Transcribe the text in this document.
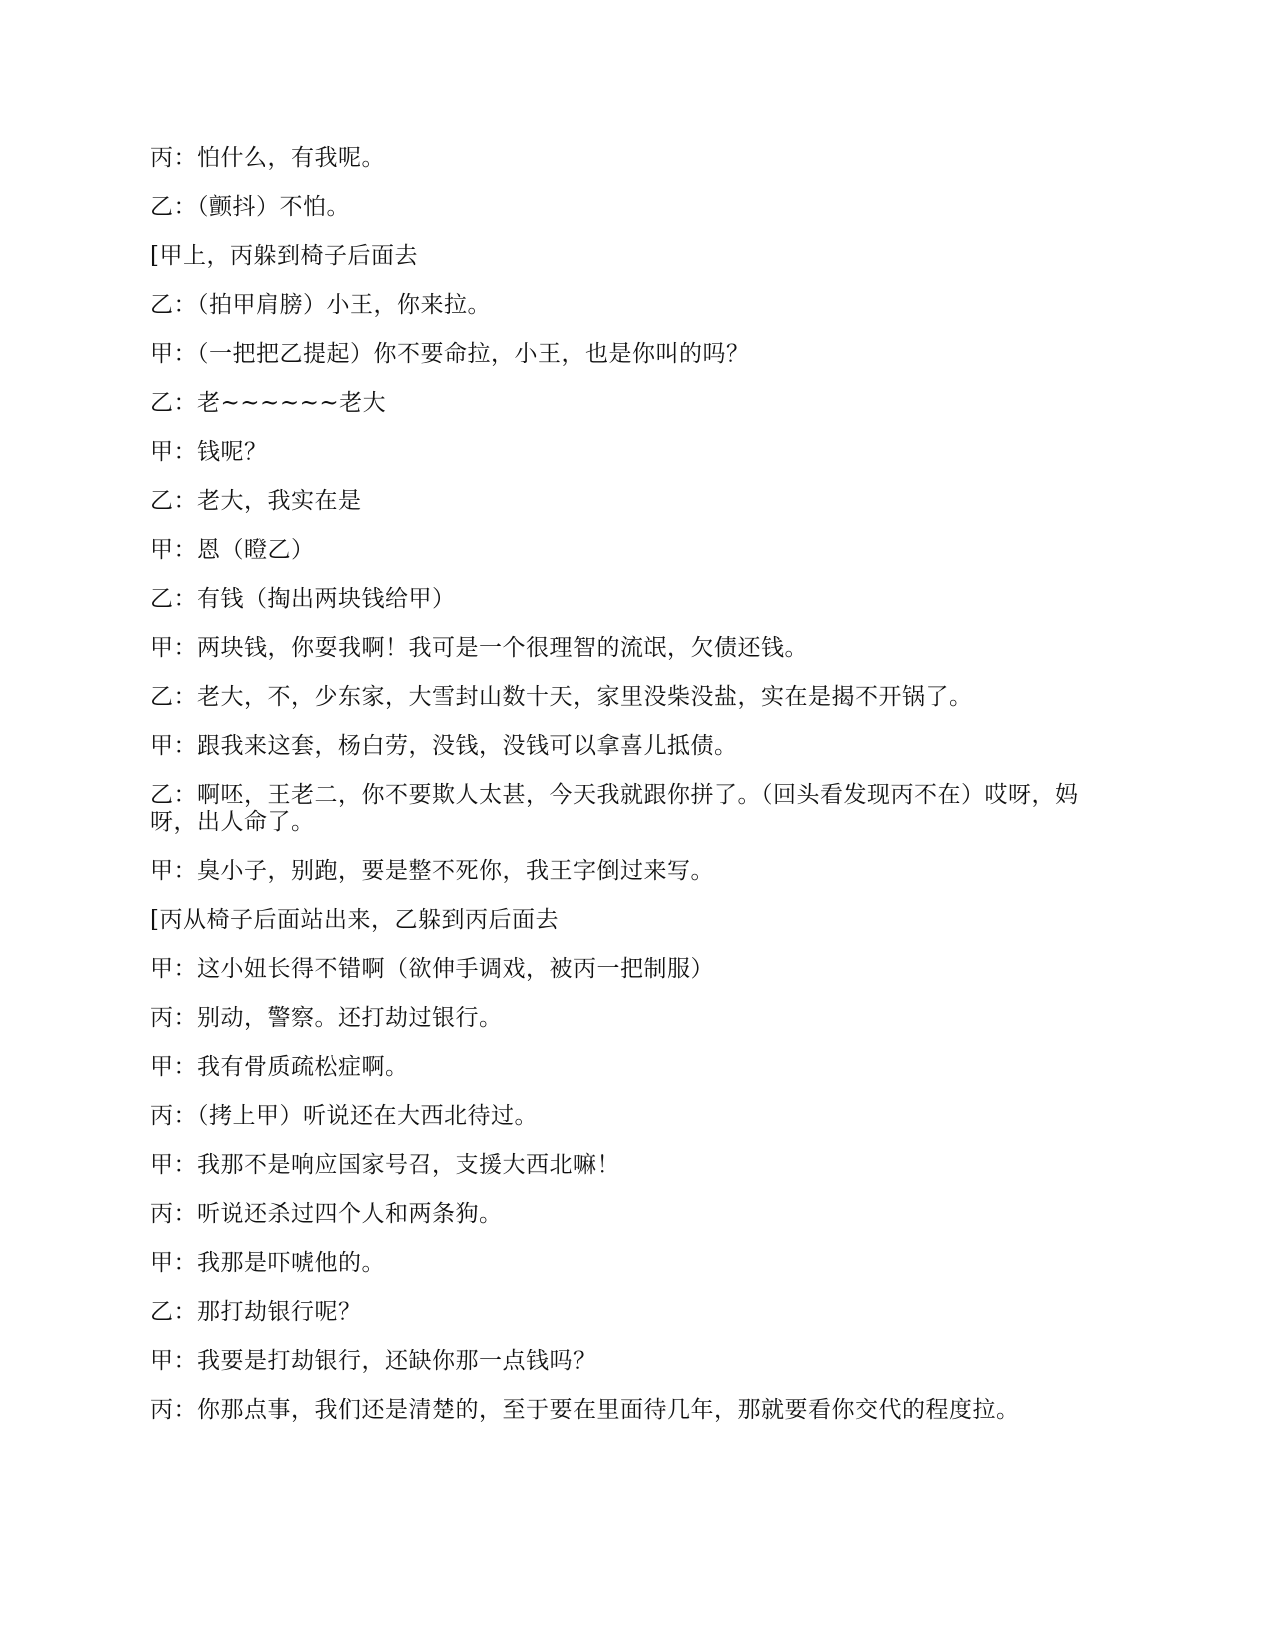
丙：怕什么，有我呢。

乙：（颤抖）不怕。

[甲上，丙躲到椅子后面去

乙：（拍甲肩膀）小王，你来拉。

甲：（一把把乙提起）你不要命拉，小王，也是你叫的吗？

乙：老~~~~~~老大

甲：钱呢？

乙：老大，我实在是

甲：恩（瞪乙）

乙：有钱（掏出两块钱给甲）

甲：两块钱，你耍我啊！我可是一个很理智的流氓，欠债还钱。

乙：老大，不，少东家，大雪封山数十天，家里没柴没盐，实在是揭不开锅了。

甲：跟我来这套，杨白劳，没钱，没钱可以拿喜儿抵债。

乙：啊呸，王老二，你不要欺人太甚，今天我就跟你拼了。（回头看发现丙不在）哎呀，妈呀，出人命了。

甲：臭小子，别跑，要是整不死你，我王字倒过来写。

[丙从椅子后面站出来，乙躲到丙后面去

甲：这小妞长得不错啊（欲伸手调戏，被丙一把制服）

丙：别动，警察。还打劫过银行。

甲：我有骨质疏松症啊。

丙：（拷上甲）听说还在大西北待过。

甲：我那不是响应国家号召，支援大西北嘛！

丙：听说还杀过四个人和两条狗。

甲：我那是吓唬他的。

乙：那打劫银行呢？

甲：我要是打劫银行，还缺你那一点钱吗？

丙：你那点事，我们还是清楚的，至于要在里面待几年，那就要看你交代的程度拉。
